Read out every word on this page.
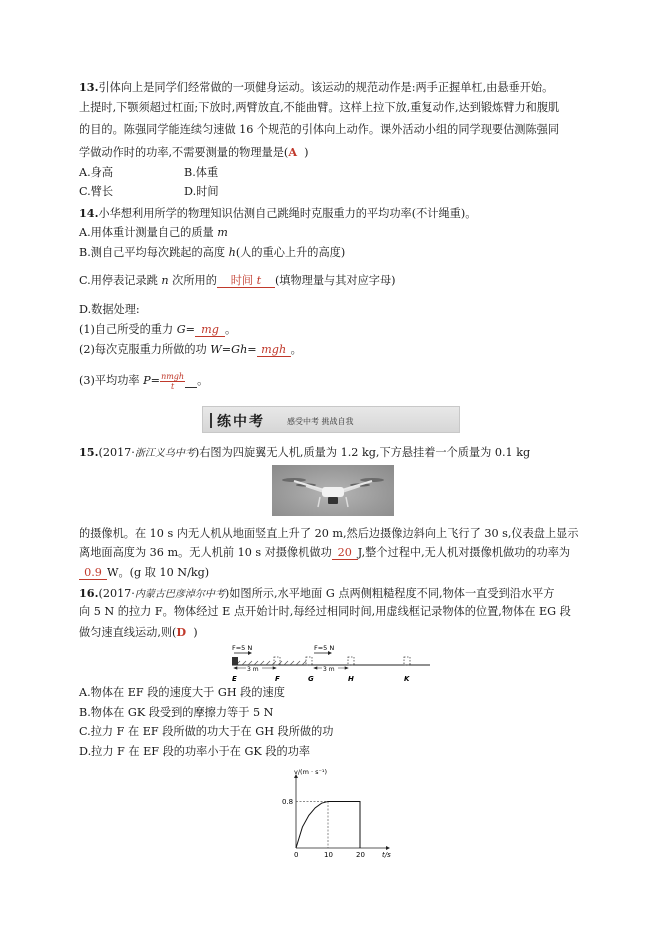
13.引体向上是同学们经常做的一项健身运动。该运动的规范动作是:两手正握单杠,由悬垂开始。
上提时,下颚须超过杠面;下放时,两臂放直,不能曲臂。这样上拉下放,重复动作,达到锻炼臂力和腹肌
的目的。陈强同学能连续匀速做 16 个规范的引体向上动作。课外活动小组的同学现要估测陈强同
学做动作时的功率,不需要测量的物理量是(A )
A.身高	B.体重
C.臂长	D.时间
14.小华想利用所学的物理知识估测自己跳绳时克服重力的平均功率(不计绳重)。
A.用体重计测量自己的质量 m
B.测自己平均每次跳起的高度 h(人的重心上升的高度)
C.用停表记录跳 n 次所用的 时间 t (填物理量与其对应字母)
D.数据处理:
(1)自己所受的重力 G= mg 。
(2)每次克服重力所做的功 W=Gh= mgh 。
(3)平均功率 $P= \frac{\text{nmgh}}{t}$ 。
练中考	感受中考 挑战自我
15.(2017·浙江义乌中考)右图为四旋翼无人机,质量为 1.2 kg,下方悬挂着一个质量为 0.1 kg
的摄像机。在 10 s 内无人机从地面竖直上升了 20 m,然后边摄像边斜向上飞行了 30 s,仪表盘上显示
离地面高度为 36 m。无人机前 10 s 对摄像机做功 20 J,整个过程中,无人机对摄像机做功的功率为
0.9 W。(g 取 10 N/kg)
16.(2017·内蒙古巴彦淖尔中考)如图所示,水平地面 G 点两侧粗糙程度不同,物体一直受到沿水平方
向 5 N 的拉力 F。物体经过 E 点开始计时,每经过相同时间,用虚线框记录物体的位置,物体在 EG 段
做匀速直线运动,则(D )
F=5 N	F=5 N
3 m	3 m
E	F	G	H	K
A.物体在 EF 段的速度大于 GH 段的速度
B.物体在 GK 段受到的摩擦力等于 5 N
C.拉力 F 在 EF 段所做的功大于在 GH 段所做的功
D.拉力 F 在 EF 段的功率小于在 GK 段的功率
0	10	20
0.8
v/(m · s⁻¹)
t/s
